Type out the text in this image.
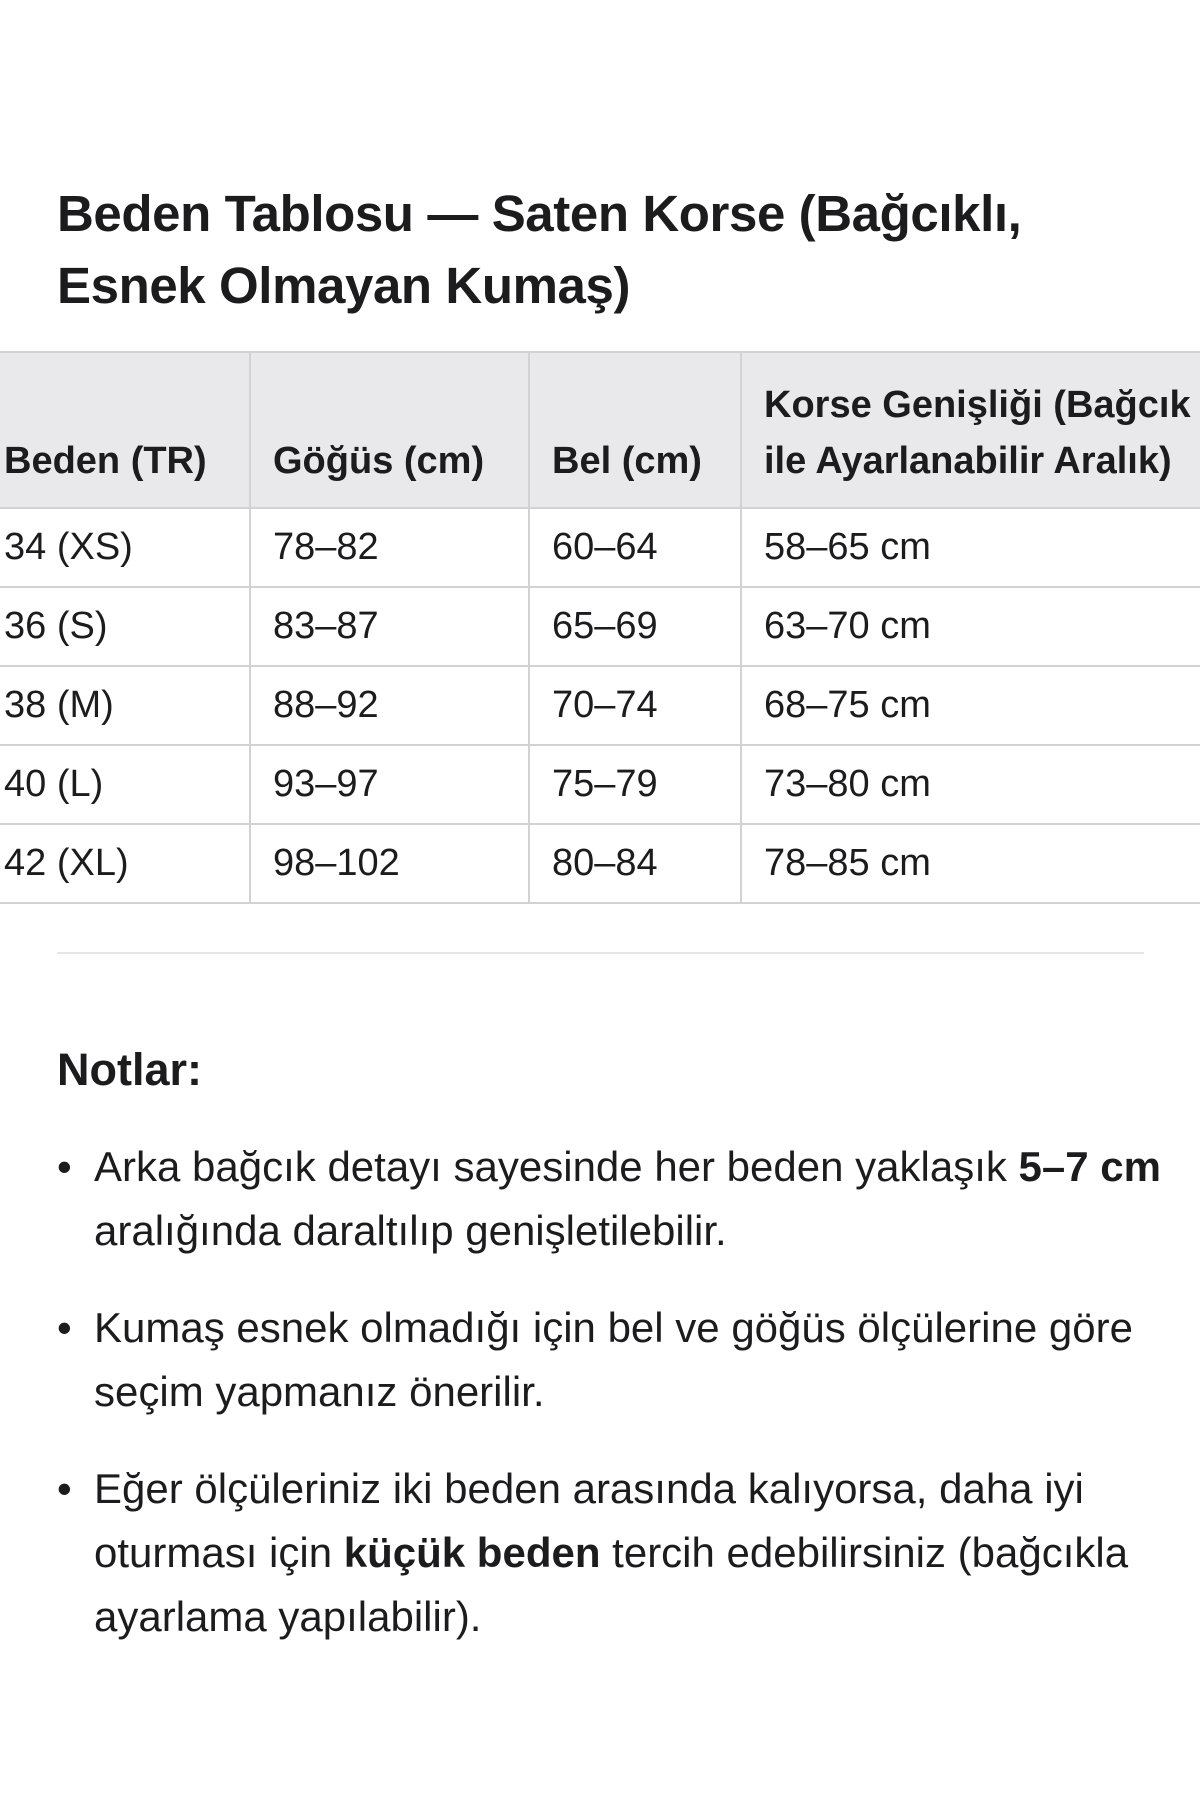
Beden Tablosu — Saten Korse (Bağcıklı,
Esnek Olmayan Kumaş)
Beden (TR)	Göğüs (cm)	Bel (cm)	Korse Genişliği (Bağcık
ile Ayarlanabilir Aralık)

34 (XS)	78–82	60–64	58–65 cm
36 (S)	83–87	65–69	63–70 cm
38 (M)	88–92	70–74	68–75 cm
40 (L)	93–97	75–79	73–80 cm
42 (XL)	98–102	80–84	78–85 cm
Notlar:
• Arka bağcık detayı sayesinde her beden yaklaşık 5–7 cm aralığında daraltılıp genişletilebilir.
• Kumaş esnek olmadığı için bel ve göğüs ölçülerine göre seçim yapmanız önerilir.
• Eğer ölçüleriniz iki beden arasında kalıyorsa, daha iyi oturması için küçük beden tercih edebilirsiniz (bağcıkla ayarlama yapılabilir).
